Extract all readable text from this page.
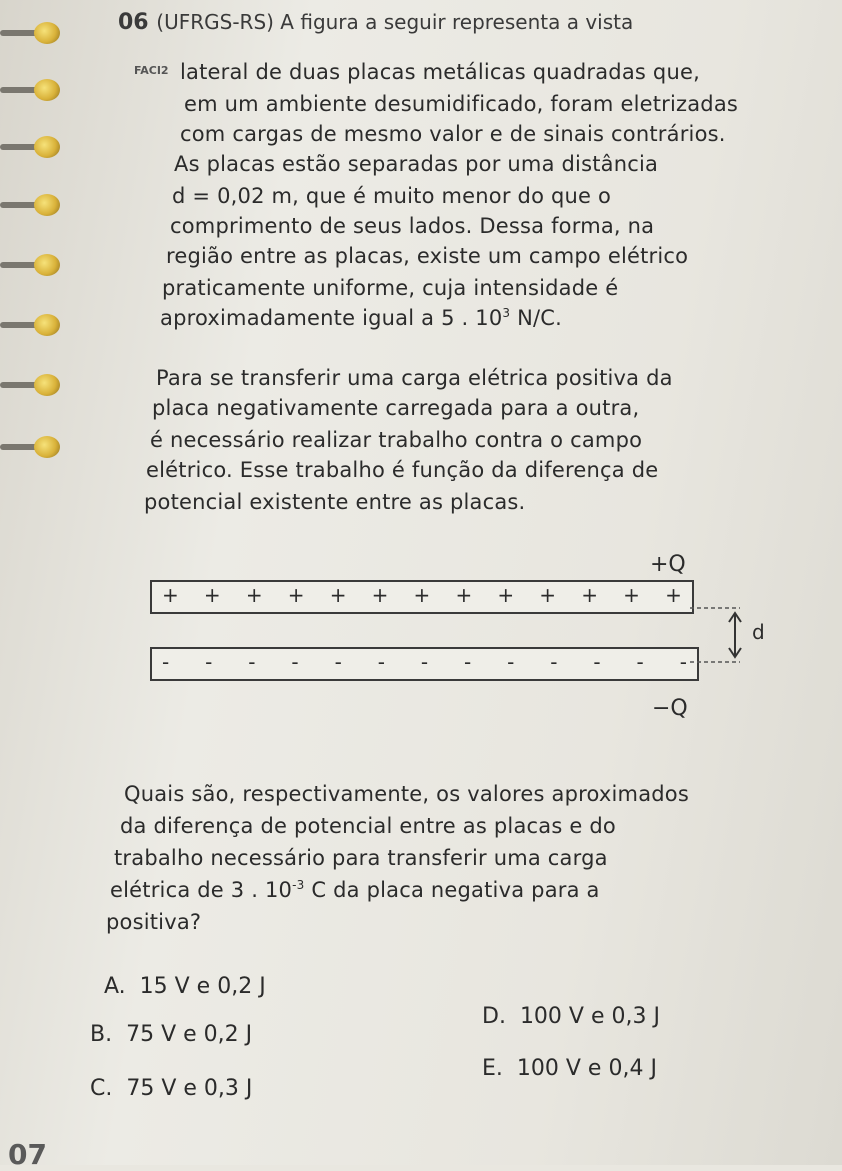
06 (UFRGS-RS) A figura a seguir representa a vista
FACI2 lateral de duas placas metálicas quadradas que,
em um ambiente desumidificado, foram eletrizadas
com cargas de mesmo valor e de sinais contrários.
As placas estão separadas por uma distância
d = 0,02 m, que é muito menor do que o
comprimento de seus lados. Dessa forma, na
região entre as placas, existe um campo elétrico
praticamente uniforme, cuja intensidade é
aproximadamente igual a 5 . $10^3$ N/C.
Para se transferir uma carga elétrica positiva da
placa negativamente carregada para a outra,
é necessário realizar trabalho contra o campo
elétrico. Esse trabalho é função da diferença de
potencial existente entre as placas.
+Q
+ + + + + + + + + + + + +
- - - - - - - - - - - - -
d
−Q
Quais são, respectivamente, os valores aproximados
da diferença de potencial entre as placas e do
trabalho necessário para transferir uma carga
elétrica de 3 . $10^{-3}$ C da placa negativa para a
positiva?
A. 15 V e 0,2 J
B. 75 V e 0,2 J
C. 75 V e 0,3 J
D. 100 V e 0,3 J
E. 100 V e 0,4 J
07
